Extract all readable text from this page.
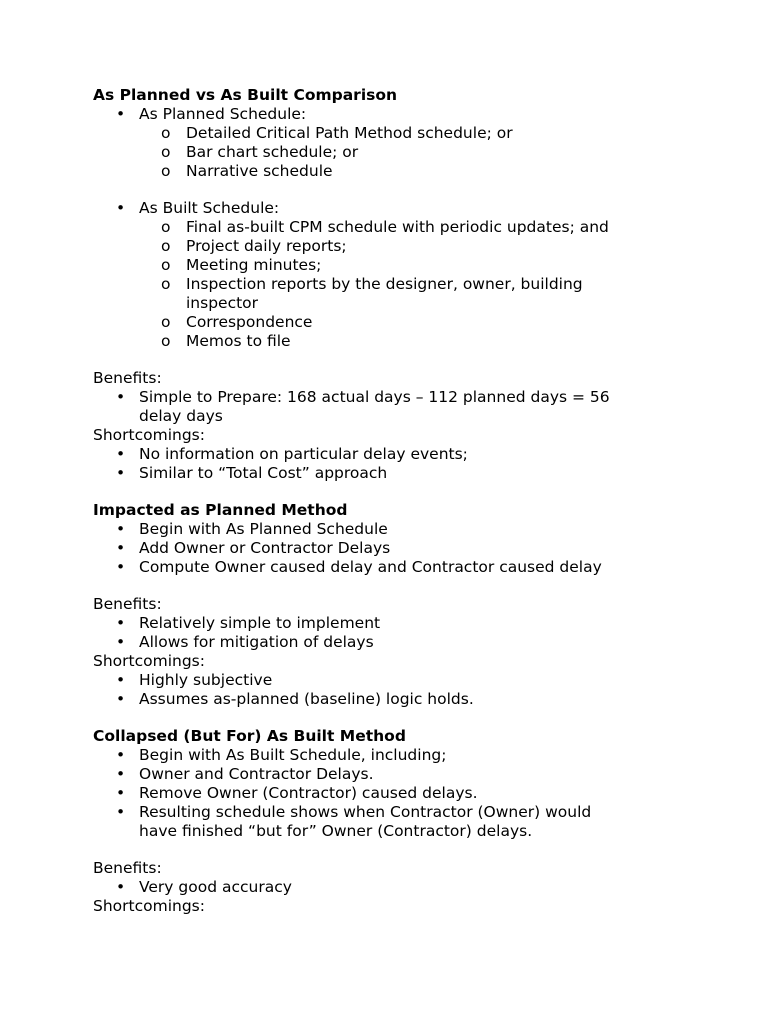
As Planned vs As Built Comparison
• As Planned Schedule:
o Detailed Critical Path Method schedule; or
o Bar chart schedule; or
o Narrative schedule
• As Built Schedule:
o Final as-built CPM schedule with periodic updates; and
o Project daily reports;
o Meeting minutes;
o Inspection reports by the designer, owner, building
inspector
o Correspondence
o Memos to file
Benefits:
• Simple to Prepare: 168 actual days – 112 planned days = 56
delay days
Shortcomings:
• No information on particular delay events;
• Similar to “Total Cost” approach
Impacted as Planned Method
• Begin with As Planned Schedule
• Add Owner or Contractor Delays
• Compute Owner caused delay and Contractor caused delay
Benefits:
• Relatively simple to implement
• Allows for mitigation of delays
Shortcomings:
• Highly subjective
• Assumes as-planned (baseline) logic holds.
Collapsed (But For) As Built Method
• Begin with As Built Schedule, including;
• Owner and Contractor Delays.
• Remove Owner (Contractor) caused delays.
• Resulting schedule shows when Contractor (Owner) would
have finished “but for” Owner (Contractor) delays.
Benefits:
• Very good accuracy
Shortcomings:
